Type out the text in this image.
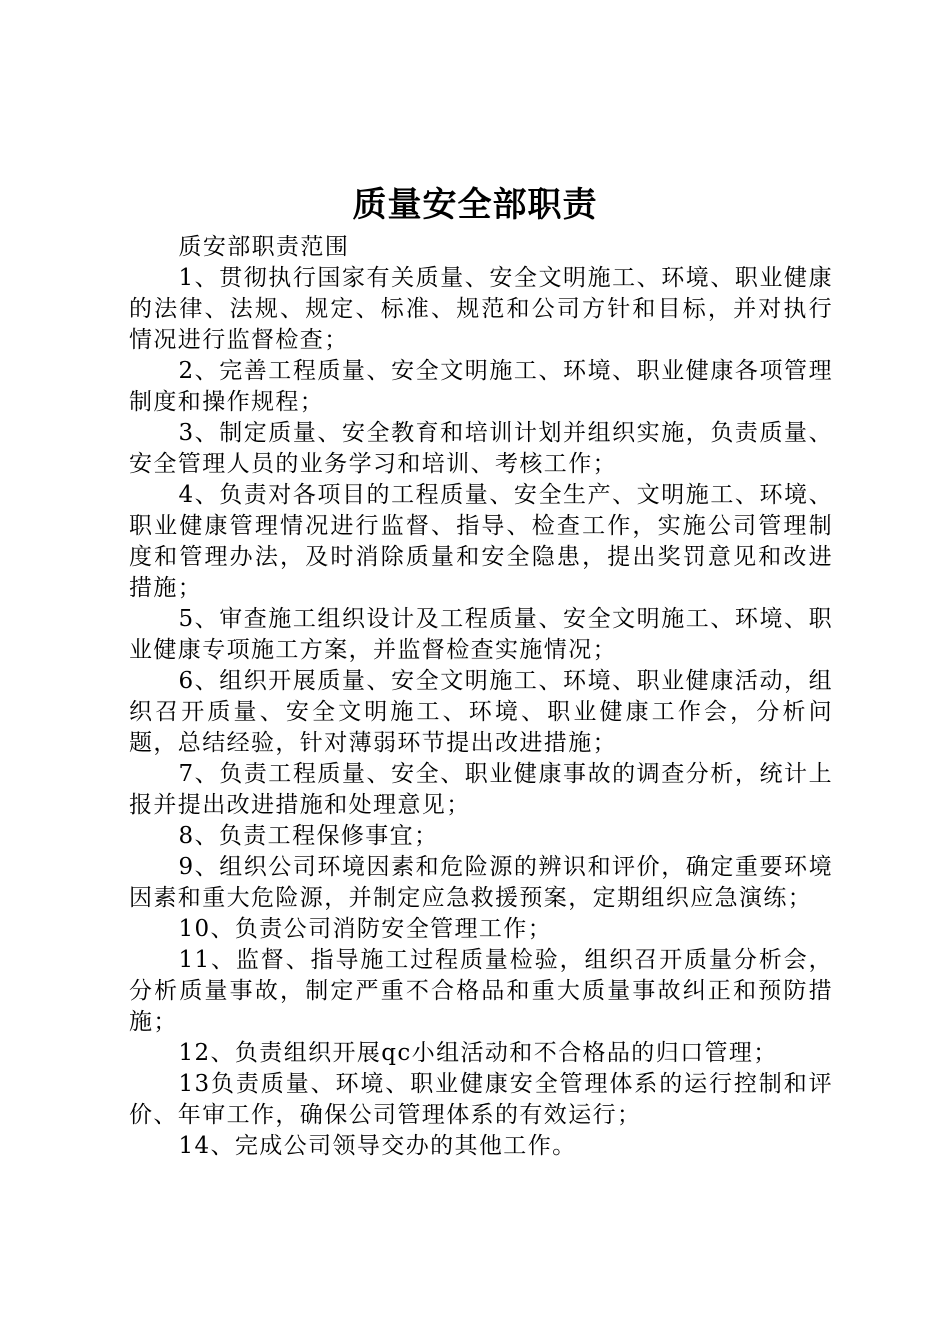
质量安全部职责

质安部职责范围

1、贯彻执行国家有关质量、安全文明施工、环境、职业健康的法律、法规、规定、标准、规范和公司方针和目标，并对执行情况进行监督检查；

2、完善工程质量、安全文明施工、环境、职业健康各项管理制度和操作规程；

3、制定质量、安全教育和培训计划并组织实施，负责质量、安全管理人员的业务学习和培训、考核工作；

4、负责对各项目的工程质量、安全生产、文明施工、环境、职业健康管理情况进行监督、指导、检查工作，实施公司管理制度和管理办法，及时消除质量和安全隐患，提出奖罚意见和改进措施；

5、审查施工组织设计及工程质量、安全文明施工、环境、职业健康专项施工方案，并监督检查实施情况；

6、组织开展质量、安全文明施工、环境、职业健康活动，组织召开质量、安全文明施工、环境、职业健康工作会，分析问题，总结经验，针对薄弱环节提出改进措施；

7、负责工程质量、安全、职业健康事故的调查分析，统计上报并提出改进措施和处理意见；

8、负责工程保修事宜；

9、组织公司环境因素和危险源的辨识和评价，确定重要环境因素和重大危险源，并制定应急救援预案，定期组织应急演练；

10、负责公司消防安全管理工作；

11、监督、指导施工过程质量检验，组织召开质量分析会，分析质量事故，制定严重不合格品和重大质量事故纠正和预防措施；

12、负责组织开展qc小组活动和不合格品的归口管理；

13负责质量、环境、职业健康安全管理体系的运行控制和评价、年审工作，确保公司管理体系的有效运行；

14、完成公司领导交办的其他工作。
